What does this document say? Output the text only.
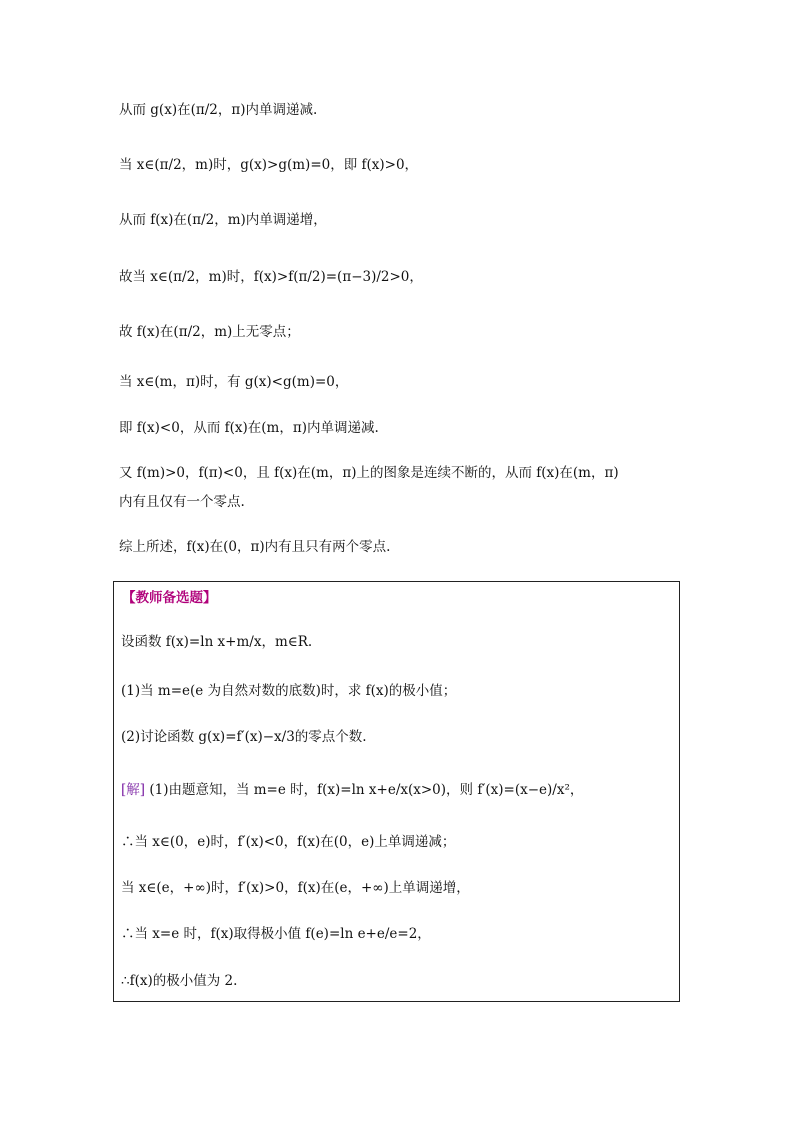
从而 g(x)在(π/2，π)内单调递减.
当 x∈(π/2，m)时，g(x)>g(m)=0，即 f(x)>0，
从而 f(x)在(π/2，m)内单调递增，
故当 x∈(π/2，m)时，f(x)>f(π/2)=(π−3)/2>0，
故 f(x)在(π/2，m)上无零点；
当 x∈(m，π)时，有 g(x)<g(m)=0，
即 f(x)<0，从而 f(x)在(m，π)内单调递减.
又 f(m)>0，f(π)<0，且 f(x)在(m，π)上的图象是连续不断的，从而 f(x)在(m，π)
内有且仅有一个零点.
综上所述，f(x)在(0，π)内有且只有两个零点.
【教师备选题】
设函数 f(x)=ln x+m/x，m∈R.
(1)当 m=e(e 为自然对数的底数)时，求 f(x)的极小值；
(2)讨论函数 g(x)=f′(x)−x/3的零点个数.
[解] (1)由题意知，当 m=e 时，f(x)=ln x+e/x(x>0)，则 f′(x)=(x−e)/x²，
∴当 x∈(0，e)时，f′(x)<0，f(x)在(0，e)上单调递减；
当 x∈(e，+∞)时，f′(x)>0，f(x)在(e，+∞)上单调递增，
∴当 x=e 时，f(x)取得极小值 f(e)=ln e+e/e=2，
∴f(x)的极小值为 2.
